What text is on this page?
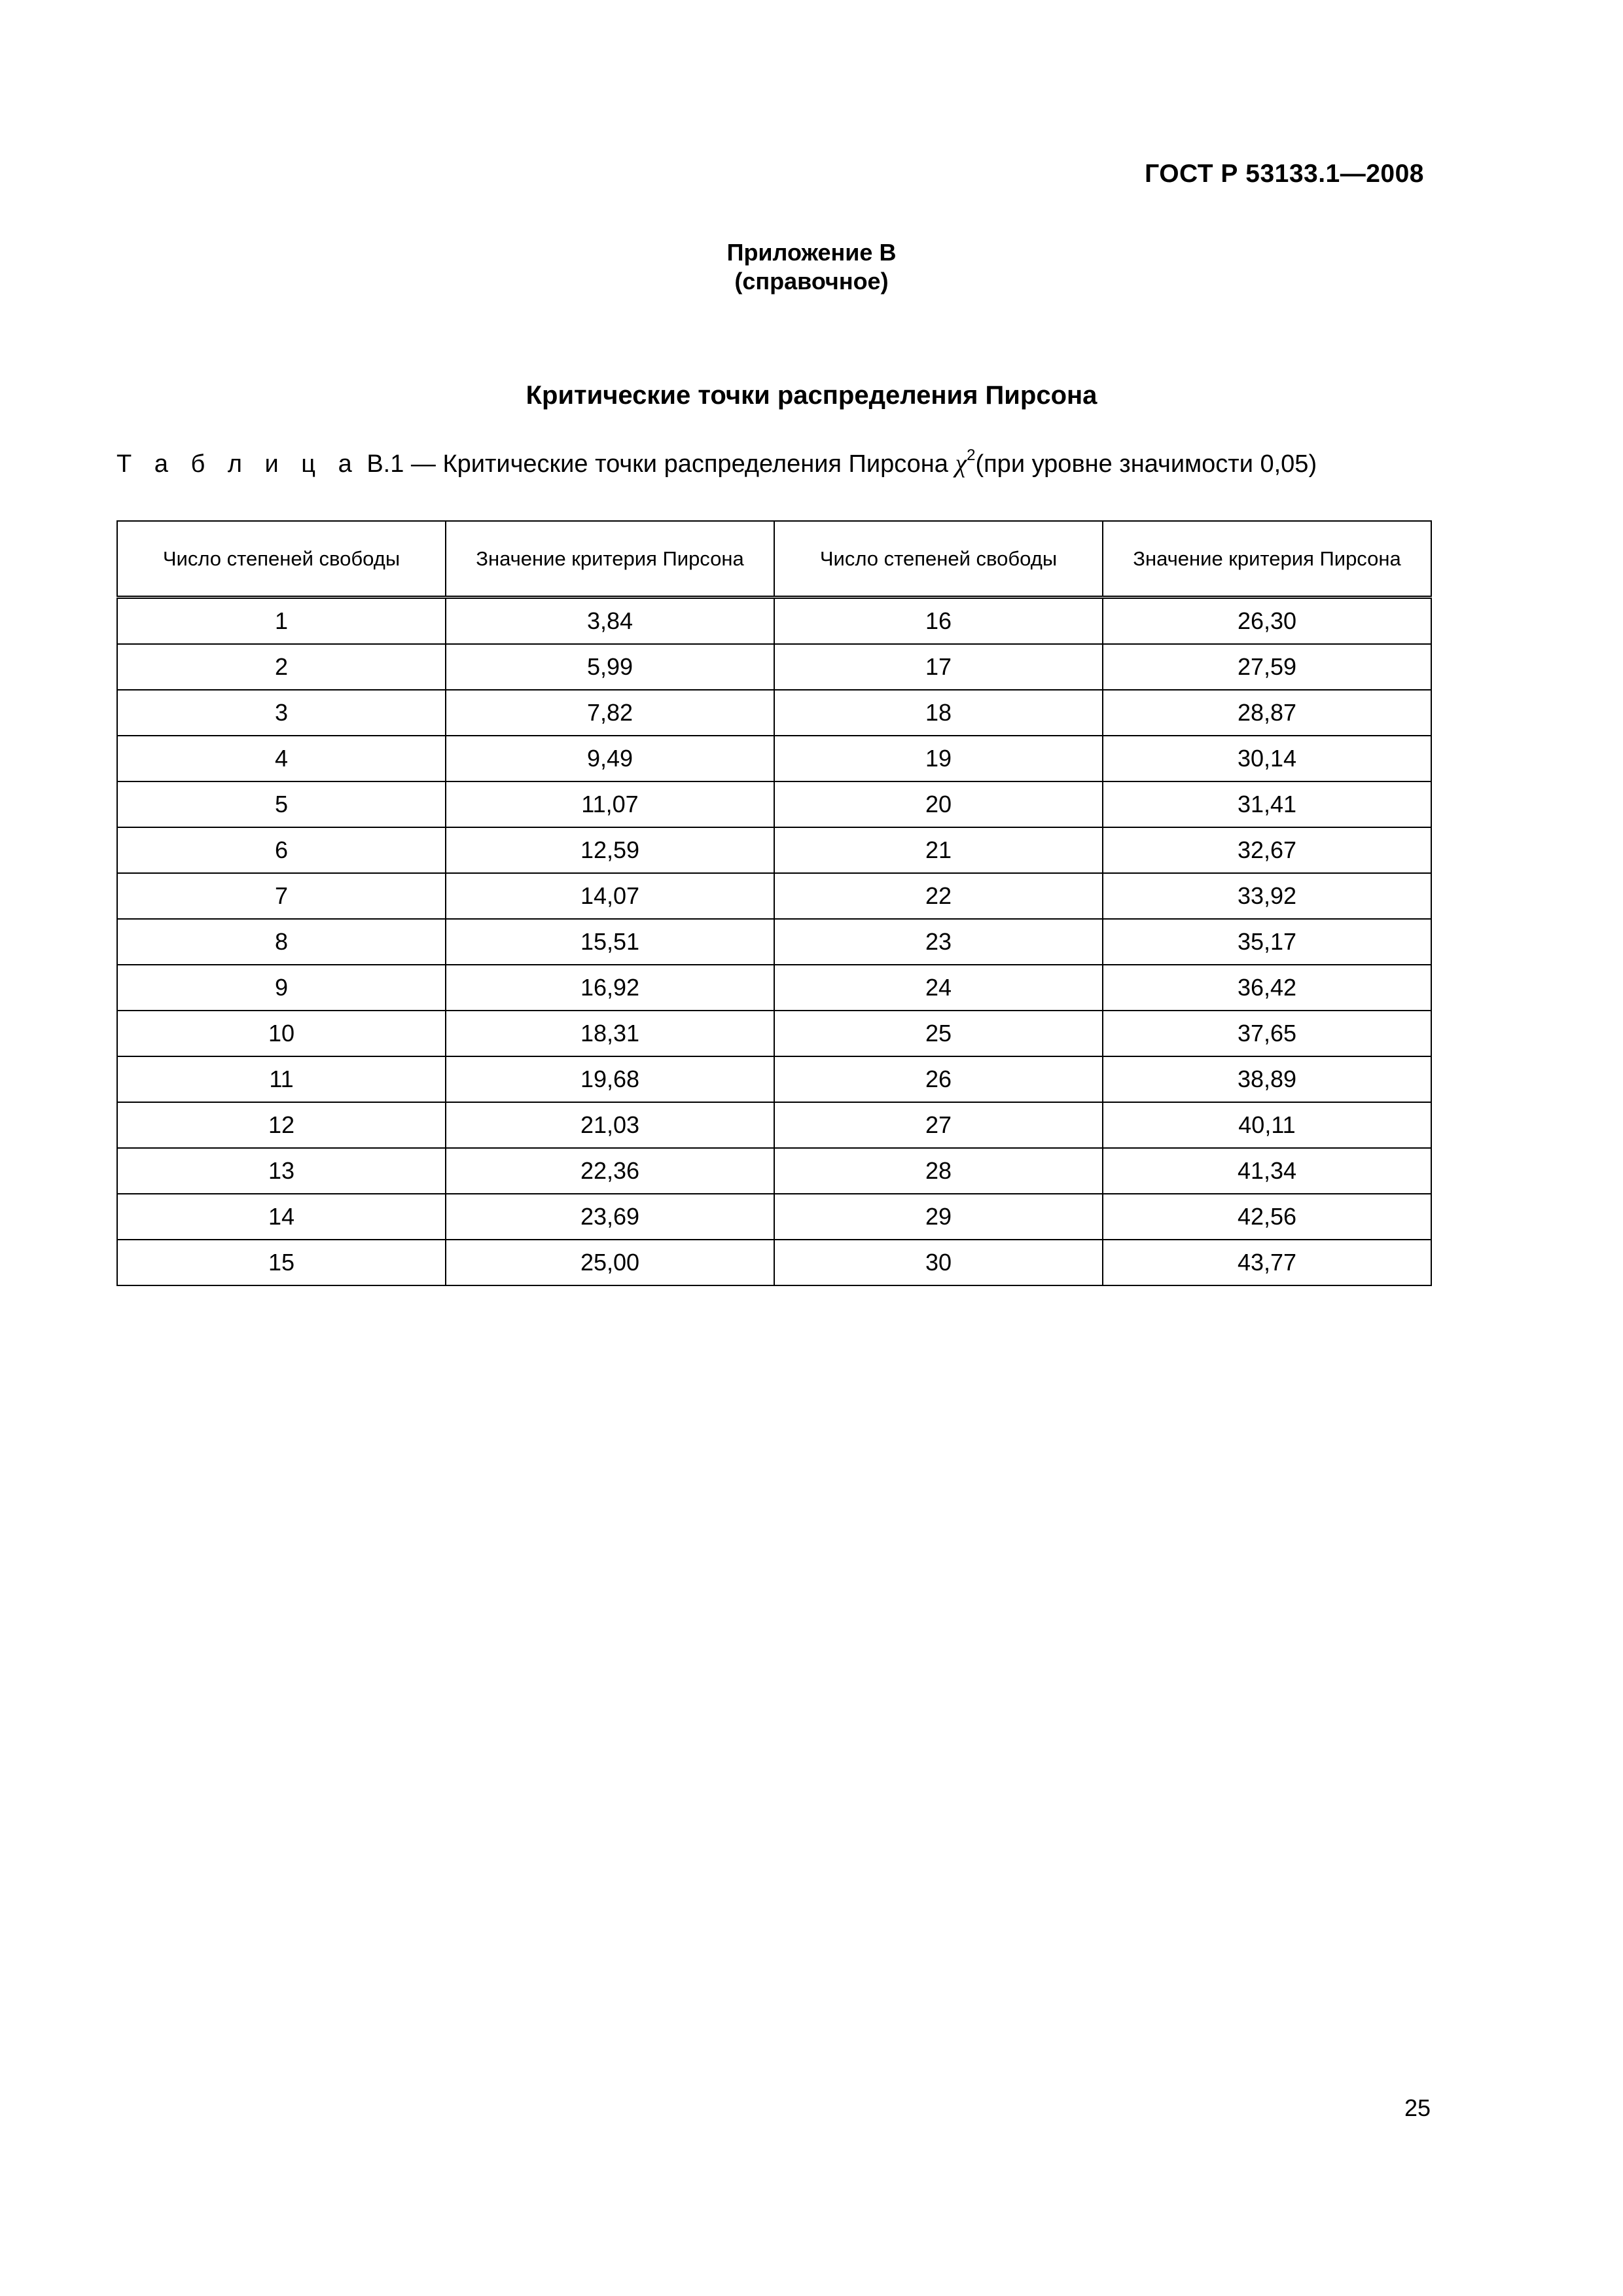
ГОСТ Р 53133.1—2008
Приложение В
(справочное)
Критические точки распределения Пирсона
Т а б л и ц а В.1 — Критические точки распределения Пирсона $\chi^2(при$ уровне значимости 0,05)
Число степеней свободы	Значение критерия Пирсона	Число степеней свободы	Значение критерия Пирсона
1	3,84	16	26,30
2	5,99	17	27,59
3	7,82	18	28,87
4	9,49	19	30,14
5	11,07	20	31,41
6	12,59	21	32,67
7	14,07	22	33,92
8	15,51	23	35,17
9	16,92	24	36,42
10	18,31	25	37,65
11	19,68	26	38,89
12	21,03	27	40,11
13	22,36	28	41,34
14	23,69	29	42,56
15	25,00	30	43,77
25
